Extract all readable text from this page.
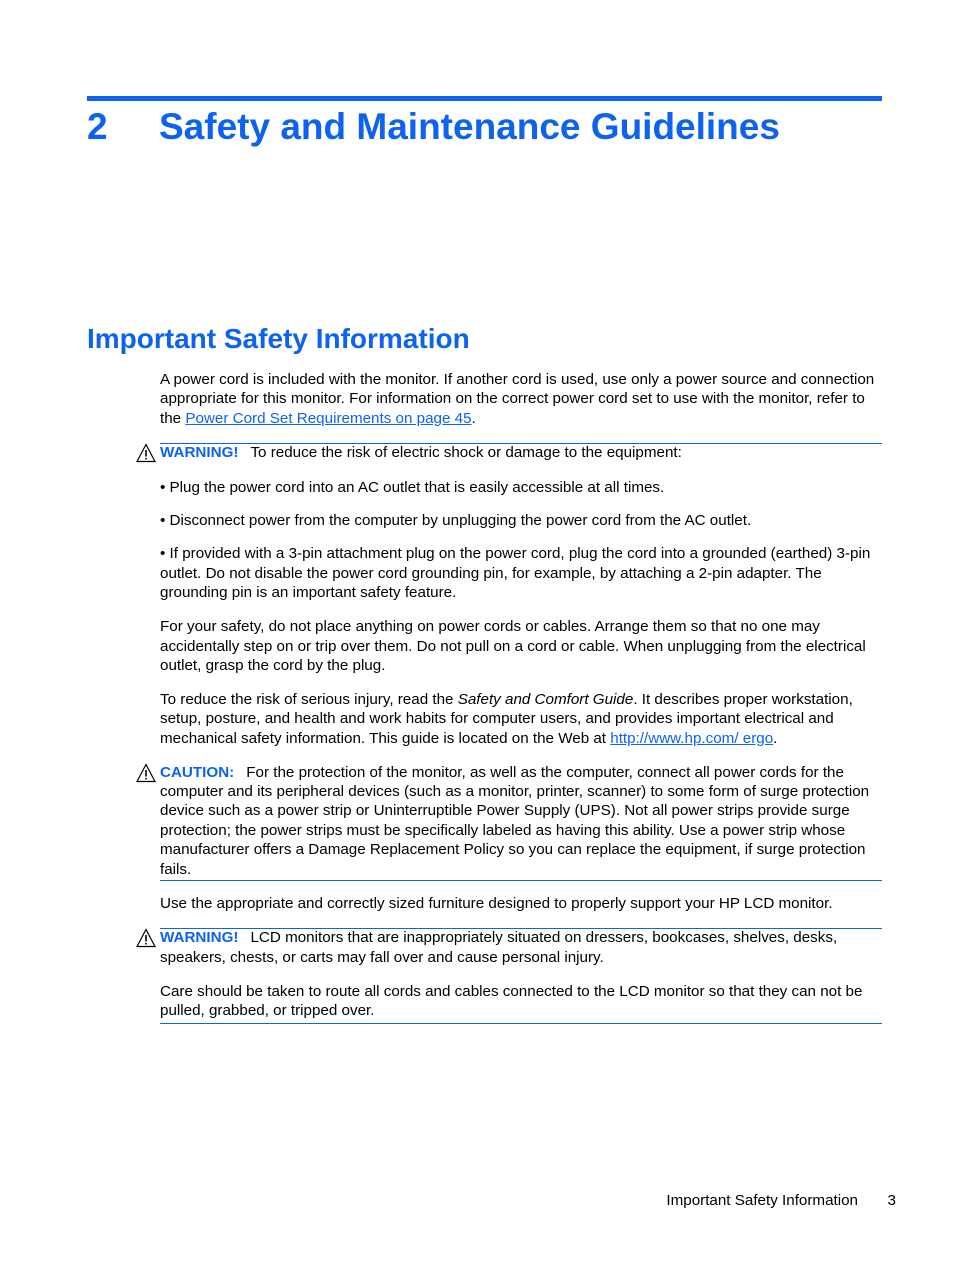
2 Safety and Maintenance Guidelines
Important Safety Information

A power cord is included with the monitor. If another cord is used, use only a power source and connection appropriate for this monitor. For information on the correct power cord set to use with the monitor, refer to the Power Cord Set Requirements on page 45.

WARNING! To reduce the risk of electric shock or damage to the equipment:

• Plug the power cord into an AC outlet that is easily accessible at all times.

• Disconnect power from the computer by unplugging the power cord from the AC outlet.

• If provided with a 3-pin attachment plug on the power cord, plug the cord into a grounded (earthed) 3-pin outlet. Do not disable the power cord grounding pin, for example, by attaching a 2-pin adapter. The grounding pin is an important safety feature.

For your safety, do not place anything on power cords or cables. Arrange them so that no one may accidentally step on or trip over them. Do not pull on a cord or cable. When unplugging from the electrical outlet, grasp the cord by the plug.

To reduce the risk of serious injury, read the Safety and Comfort Guide. It describes proper workstation, setup, posture, and health and work habits for computer users, and provides important electrical and mechanical safety information. This guide is located on the Web at http://www.hp.com/ ergo.

CAUTION: For the protection of the monitor, as well as the computer, connect all power cords for the computer and its peripheral devices (such as a monitor, printer, scanner) to some form of surge protection device such as a power strip or Uninterruptible Power Supply (UPS). Not all power strips provide surge protection; the power strips must be specifically labeled as having this ability. Use a power strip whose manufacturer offers a Damage Replacement Policy so you can replace the equipment, if surge protection fails.

Use the appropriate and correctly sized furniture designed to properly support your HP LCD monitor.

WARNING! LCD monitors that are inappropriately situated on dressers, bookcases, shelves, desks, speakers, chests, or carts may fall over and cause personal injury.

Care should be taken to route all cords and cables connected to the LCD monitor so that they can not be pulled, grabbed, or tripped over.

Important Safety Information 3
